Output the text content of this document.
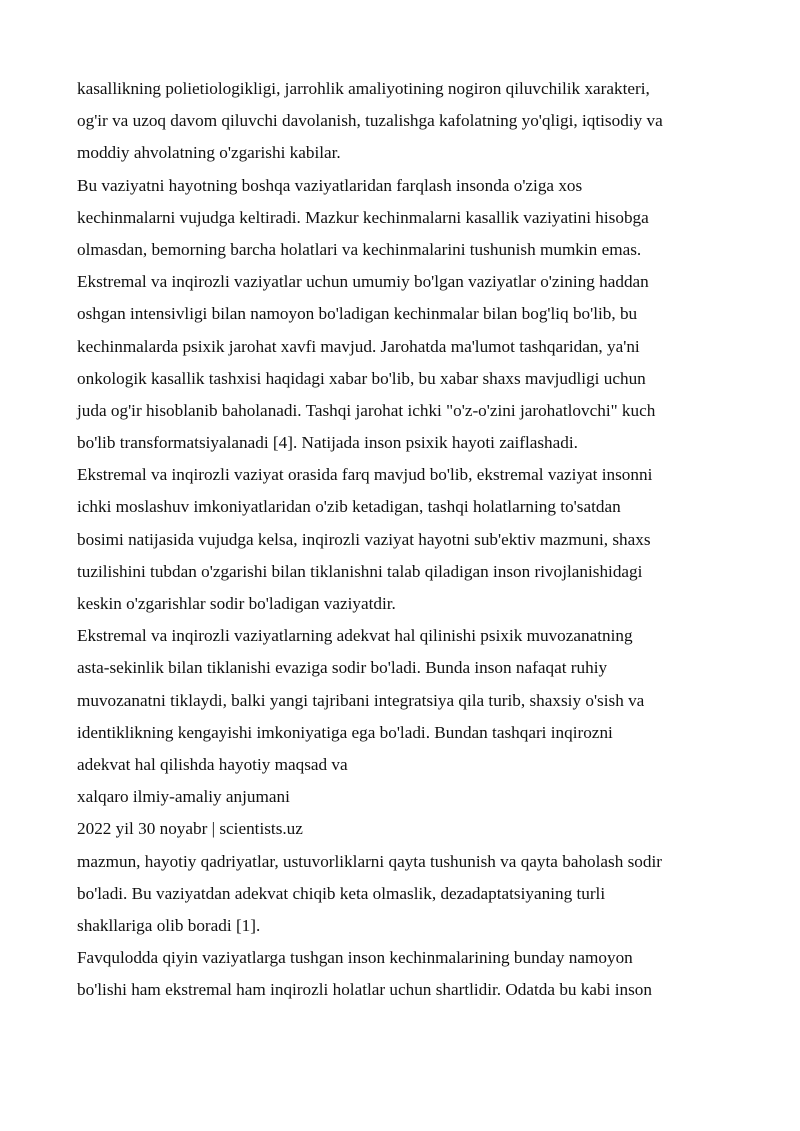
kasallikning polietiologikligi, jarrohlik amaliyotining nogiron qiluvchilik xarakteri,
og'ir va uzoq davom qiluvchi davolanish, tuzalishga kafolatning yo'qligi, iqtisodiy va
moddiy ahvolatning o'zgarishi kabilar.
Bu vaziyatni hayotning boshqa vaziyatlaridan farqlash insonda o'ziga xos
kechinmalarni vujudga keltiradi. Mazkur kechinmalarni kasallik vaziyatini hisobga
olmasdan, bemorning barcha holatlari va kechinmalarini tushunish mumkin emas.
Ekstremal va inqirozli vaziyatlar uchun umumiy bo'lgan vaziyatlar o'zining haddan
oshgan intensivligi bilan namoyon bo'ladigan kechinmalar bilan bog'liq bo'lib, bu
kechinmalarda psixik jarohat xavfi mavjud. Jarohatda ma'lumot tashqaridan, ya'ni
onkologik kasallik tashxisi haqidagi xabar bo'lib, bu xabar shaxs mavjudligi uchun
juda og'ir hisoblanib baholanadi. Tashqi jarohat ichki "o'z-o'zini jarohatlovchi" kuch
bo'lib transformatsiyalanadi [4]. Natijada inson psixik hayoti zaiflashadi.
Ekstremal va inqirozli vaziyat orasida farq mavjud bo'lib, ekstremal vaziyat insonni
ichki moslashuv imkoniyatlaridan o'zib ketadigan, tashqi holatlarning to'satdan
bosimi natijasida vujudga kelsa, inqirozli vaziyat hayotni sub'ektiv mazmuni, shaxs
tuzilishini tubdan o'zgarishi bilan tiklanishni talab qiladigan inson rivojlanishidagi
keskin o'zgarishlar sodir bo'ladigan vaziyatdir.
Ekstremal va inqirozli vaziyatlarning adekvat hal qilinishi psixik muvozanatning
asta-sekinlik bilan tiklanishi evaziga sodir bo'ladi. Bunda inson nafaqat ruhiy
muvozanatni tiklaydi, balki yangi tajribani integratsiya qila turib, shaxsiy o'sish va
identiklikning kengayishi imkoniyatiga ega bo'ladi. Bundan tashqari inqirozni
adekvat hal qilishda hayotiy maqsad va
xalqaro ilmiy-amaliy anjumani
2022 yil 30 noyabr | scientists.uz
mazmun, hayotiy qadriyatlar, ustuvorliklarni qayta tushunish va qayta baholash sodir
bo'ladi. Bu vaziyatdan adekvat chiqib keta olmaslik, dezadaptatsiyaning turli
shakllariga olib boradi [1].
Favqulodda qiyin vaziyatlarga tushgan inson kechinmalarining bunday namoyon
bo'lishi ham ekstremal ham inqirozli holatlar uchun shartlidir. Odatda bu kabi inson
